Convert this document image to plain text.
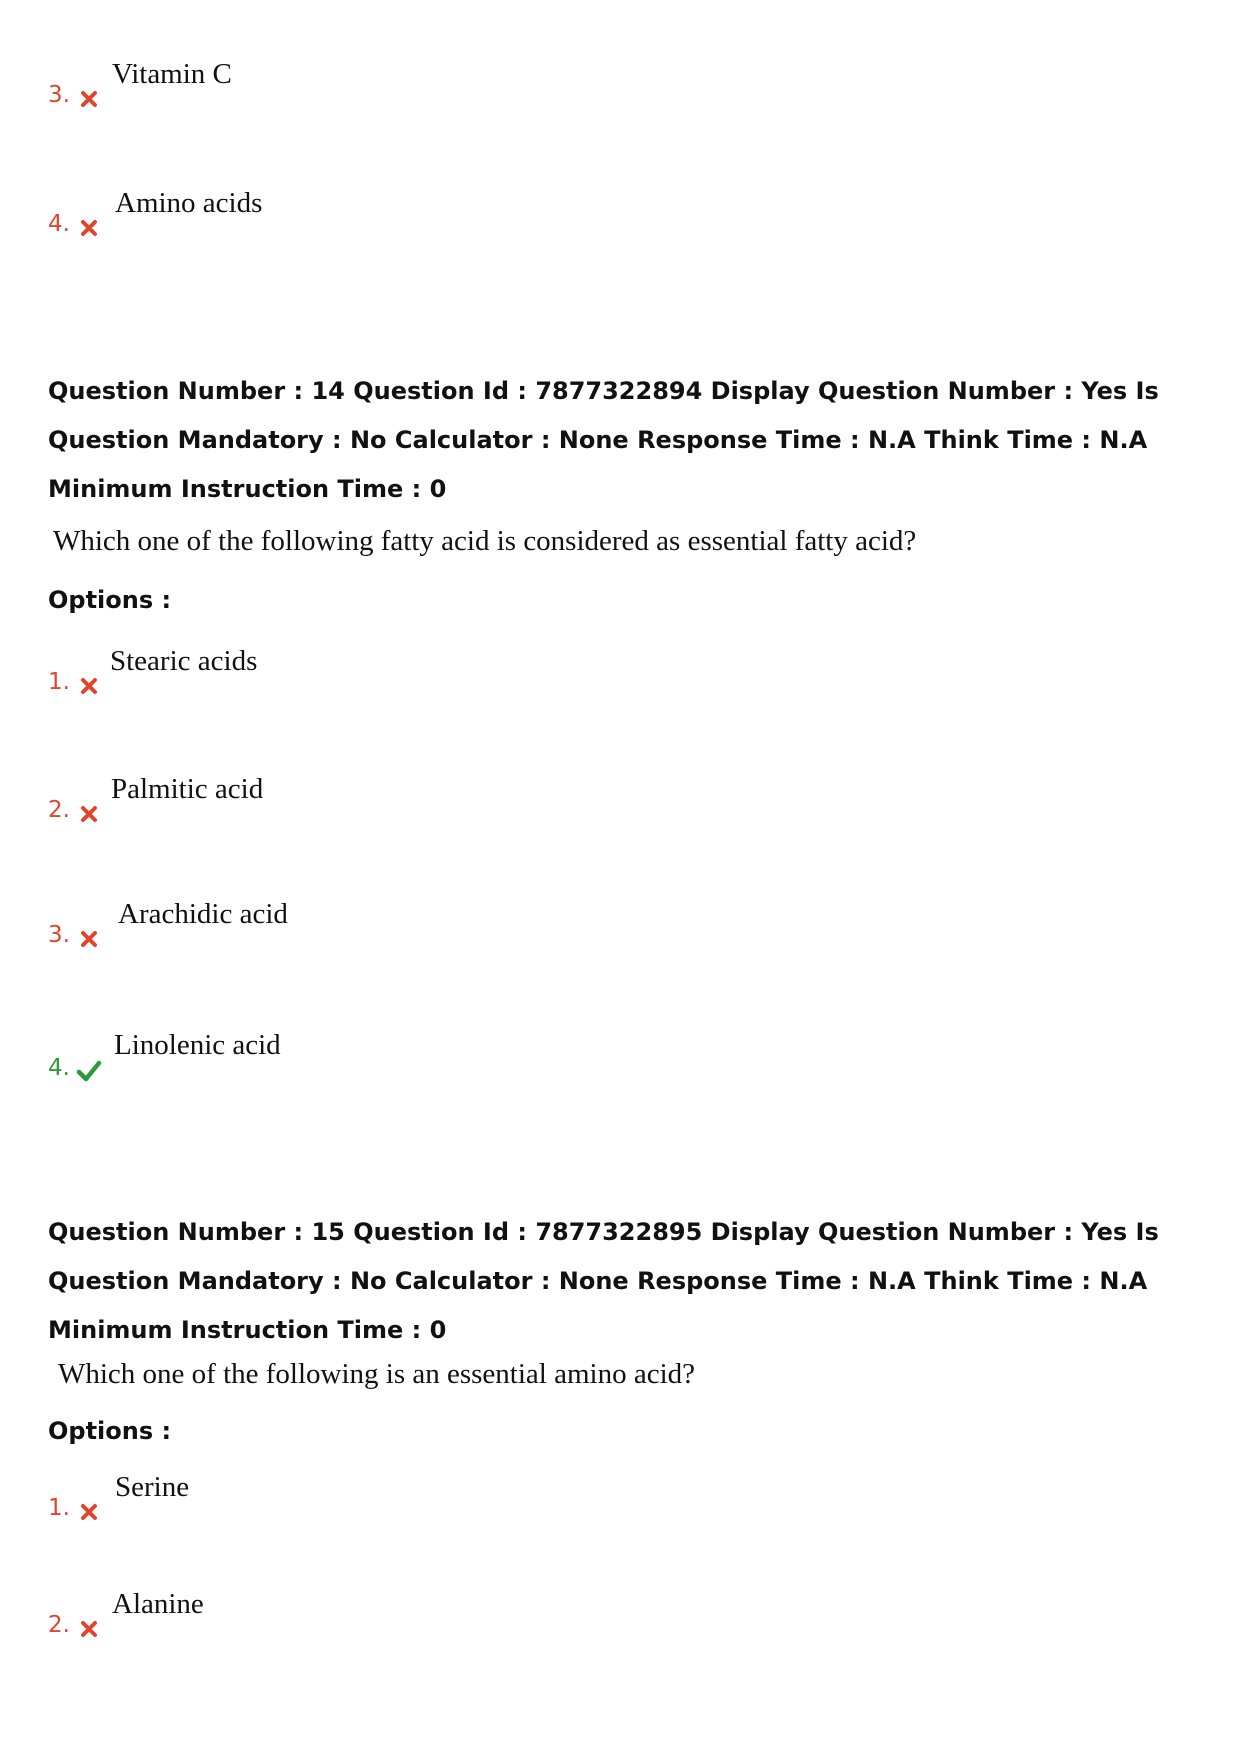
3.
Vitamin C
4.
Amino acids
Question Number : 14 Question Id : 7877322894 Display Question Number : Yes Is Question Mandatory : No Calculator : None Response Time : N.A Think Time : N.A Minimum Instruction Time : 0
Which one of the following fatty acid is considered as essential fatty acid?
Options :
1.
Stearic acids
2.
Palmitic acid
3.
Arachidic acid
4.
Linolenic acid
Question Number : 15 Question Id : 7877322895 Display Question Number : Yes Is Question Mandatory : No Calculator : None Response Time : N.A Think Time : N.A Minimum Instruction Time : 0
Which one of the following is an essential amino acid?
Options :
1.
Serine
2.
Alanine
